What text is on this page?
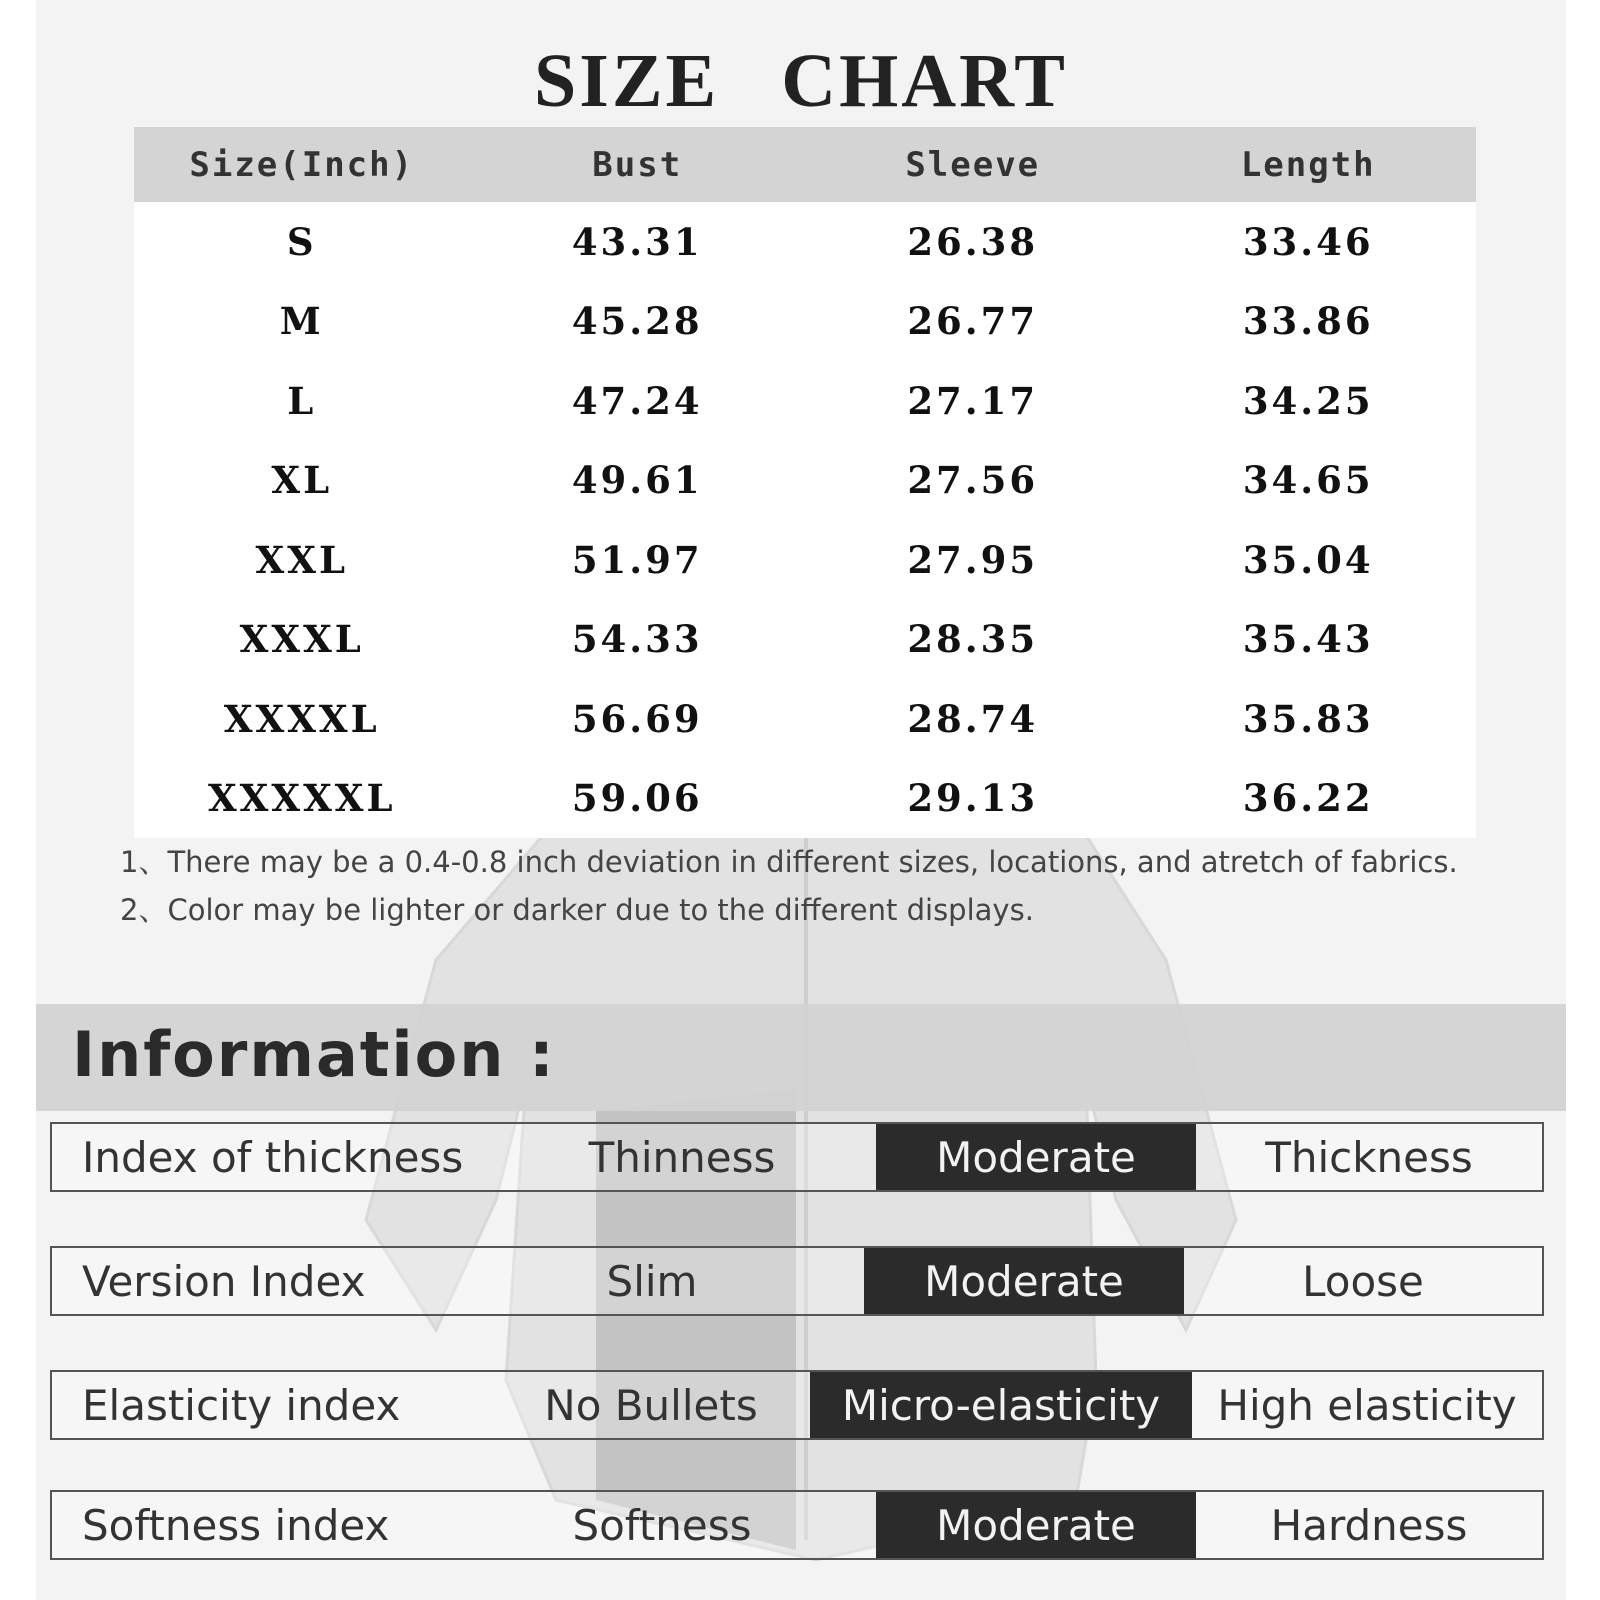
SIZE CHART
Size(Inch)	Bust	Sleeve	Length
S	43.31	26.38	33.46
M	45.28	26.77	33.86
L	47.24	27.17	34.25
XL	49.61	27.56	34.65
XXL	51.97	27.95	35.04
XXXL	54.33	28.35	35.43
XXXXL	56.69	28.74	35.83
XXXXXL	59.06	29.13	36.22
1、There may be a 0.4-0.8 inch deviation in different sizes, locations, and atretch of fabrics.
2、Color may be lighter or darker due to the different displays.
Information :
Index of thickness	Thinness	Moderate	Thickness
Version Index	Slim	Moderate	Loose
Elasticity index	No Bullets	Micro-elasticity	High elasticity
Softness index	Softness	Moderate	Hardness
